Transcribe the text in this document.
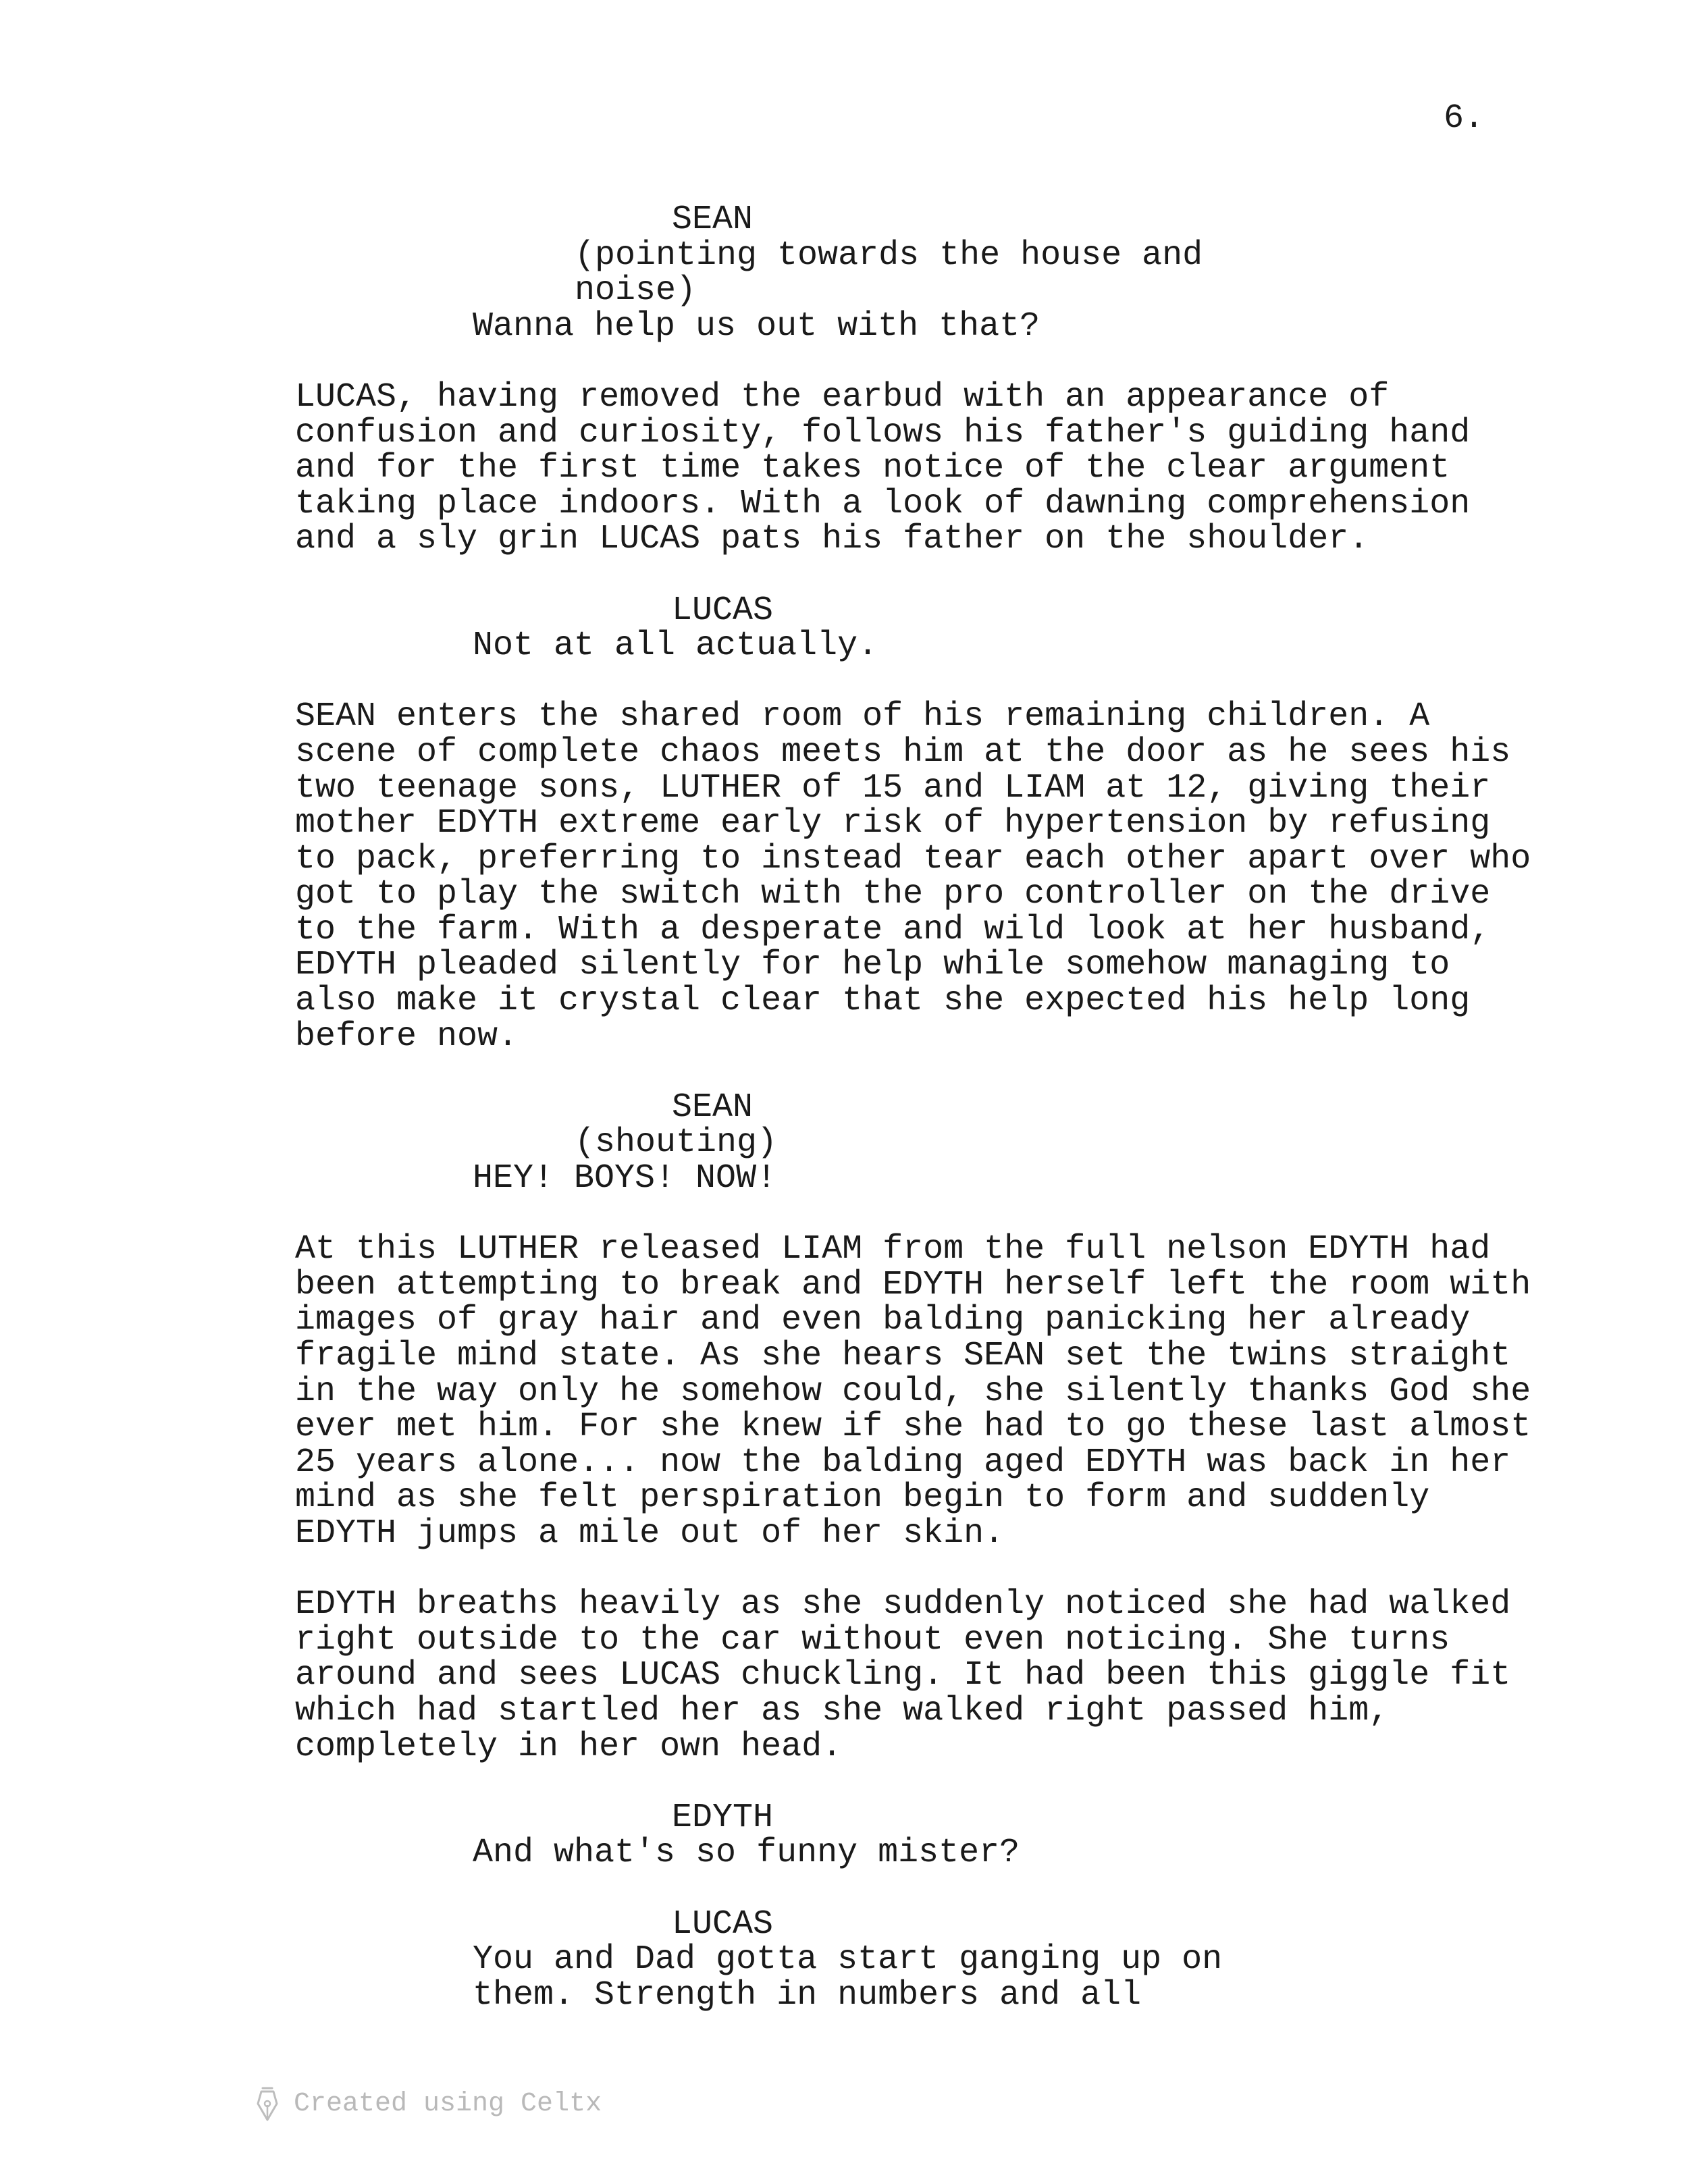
6.
SEAN
(pointing towards the house and
noise)
Wanna help us out with that?
LUCAS, having removed the earbud with an appearance of
confusion and curiosity, follows his father's guiding hand
and for the first time takes notice of the clear argument
taking place indoors. With a look of dawning comprehension
and a sly grin LUCAS pats his father on the shoulder.
LUCAS
Not at all actually.
SEAN enters the shared room of his remaining children. A
scene of complete chaos meets him at the door as he sees his
two teenage sons, LUTHER of 15 and LIAM at 12, giving their
mother EDYTH extreme early risk of hypertension by refusing
to pack, preferring to instead tear each other apart over who
got to play the switch with the pro controller on the drive
to the farm. With a desperate and wild look at her husband,
EDYTH pleaded silently for help while somehow managing to
also make it crystal clear that she expected his help long
before now.
SEAN
(shouting)
HEY! BOYS! NOW!
At this LUTHER released LIAM from the full nelson EDYTH had
been attempting to break and EDYTH herself left the room with
images of gray hair and even balding panicking her already
fragile mind state. As she hears SEAN set the twins straight
in the way only he somehow could, she silently thanks God she
ever met him. For she knew if she had to go these last almost
25 years alone... now the balding aged EDYTH was back in her
mind as she felt perspiration begin to form and suddenly
EDYTH jumps a mile out of her skin.
EDYTH breaths heavily as she suddenly noticed she had walked
right outside to the car without even noticing. She turns
around and sees LUCAS chuckling. It had been this giggle fit
which had startled her as she walked right passed him,
completely in her own head.
EDYTH
And what's so funny mister?
LUCAS
You and Dad gotta start ganging up on
them. Strength in numbers and all
Created using Celtx
